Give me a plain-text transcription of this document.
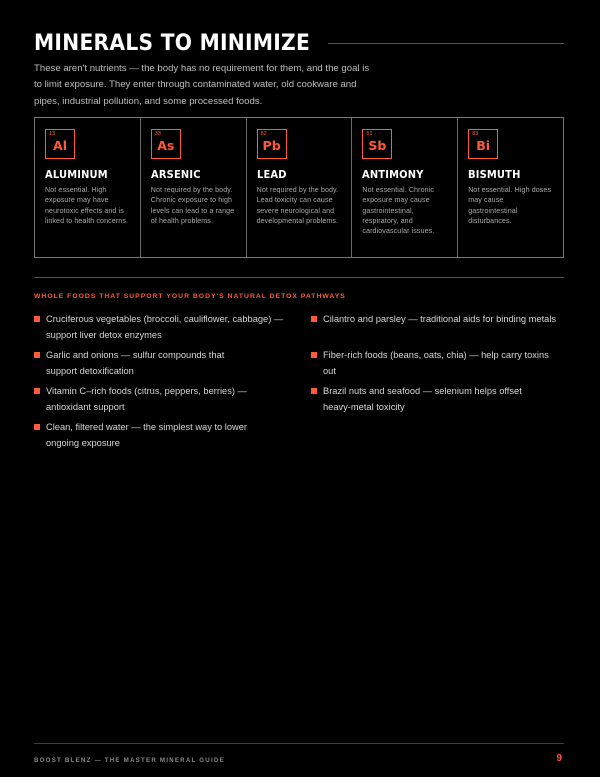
MINERALS TO MINIMIZE

These aren't nutrients — the body has no requirement for them, and the goal is to limit exposure. They enter through contaminated water, old cookware and pipes, industrial pollution, and some processed foods.

13
Al
ALUMINUM

Not essential. High exposure may have neurotoxic effects and is linked to health concerns.

33
As
ARSENIC

Not required by the body. Chronic exposure to high levels can lead to a range of health problems.

82
Pb
LEAD

Not required by the body. Lead toxicity can cause severe neurological and developmental problems.

51
Sb
ANTIMONY

Not essential. Chronic exposure may cause gastrointestinal, respiratory, and cardiovascular issues.

83
Bi
BISMUTH

Not essential. High doses may cause gastrointestinal disturbances.

WHOLE FOODS THAT SUPPORT YOUR BODY'S NATURAL DETOX PATHWAYS
Cruciferous vegetables (broccoli, cauliflower, cabbage) — support liver detox enzymes
Garlic and onions — sulfur compounds that support detoxification
Vitamin C–rich foods (citrus, peppers, berries) — antioxidant support
Clean, filtered water — the simplest way to lower ongoing exposure
Cilantro and parsley — traditional aids for binding metals
Fiber-rich foods (beans, oats, chia) — help carry toxins out
Brazil nuts and seafood — selenium helps offset heavy-metal toxicity
BOOST BLENZ — THE MASTER MINERAL GUIDE	9
